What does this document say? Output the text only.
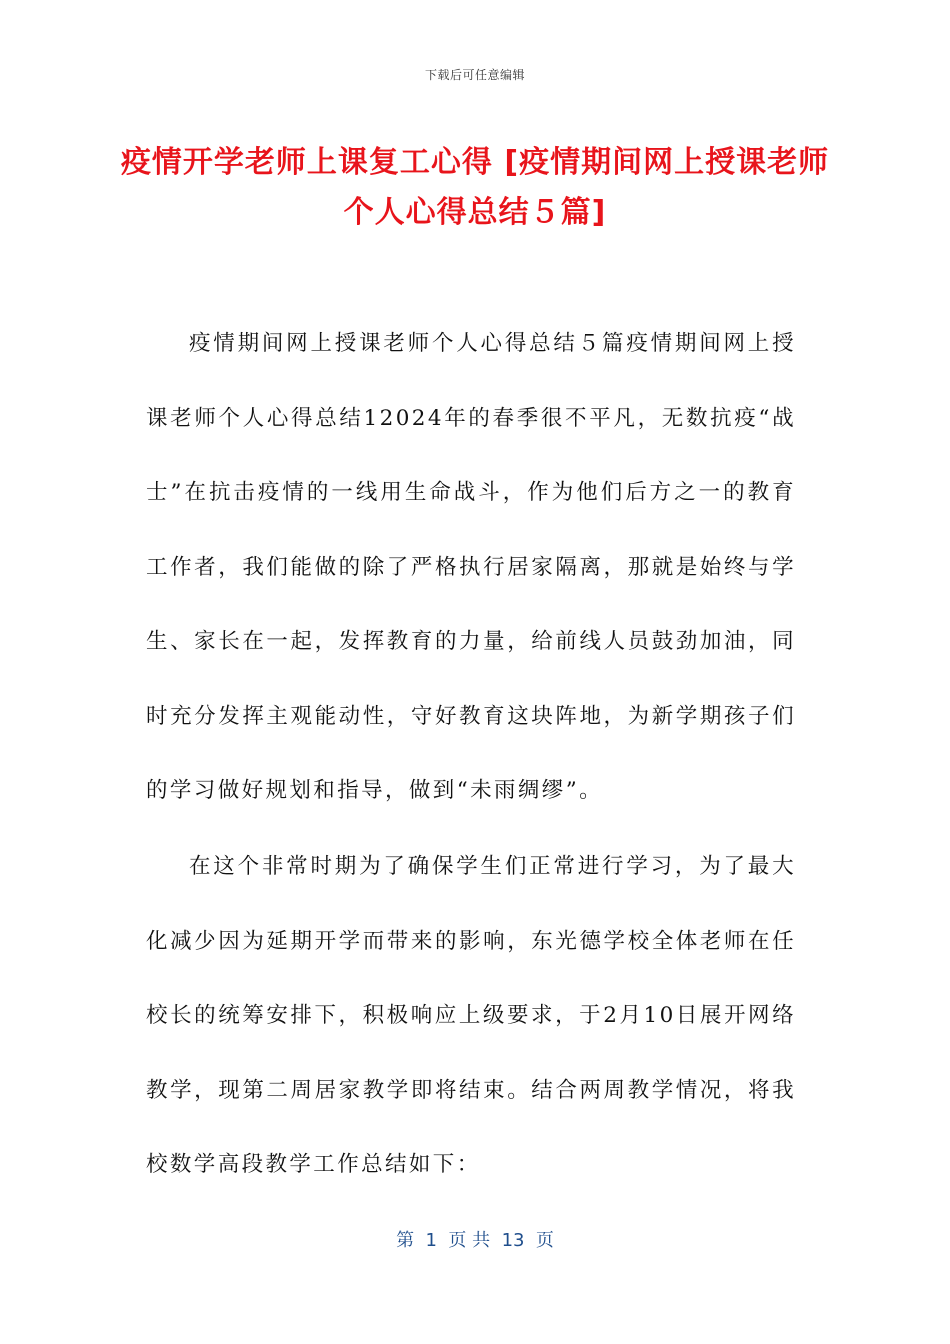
下载后可任意编辑
疫情开学老师上课复工心得 [疫情期间网上授课老师个人心得总结５篇]

疫情期间网上授课老师个人心得总结５篇疫情期间网上授课老师个人心得总结12024年的春季很不平凡，无数抗疫“战士”在抗击疫情的一线用生命战斗，作为他们后方之一的教育工作者，我们能做的除了严格执行居家隔离，那就是始终与学生、家长在一起，发挥教育的力量，给前线人员鼓劲加油，同时充分发挥主观能动性，守好教育这块阵地，为新学期孩子们的学习做好规划和指导，做到“未雨绸缪”。

在这个非常时期为了确保学生们正常进行学习，为了最大化减少因为延期开学而带来的影响，东光德学校全体老师在任校长的统筹安排下，积极响应上级要求，于2月10日展开网络教学，现第二周居家教学即将结束。结合两周教学情况，将我校数学高段教学工作总结如下：

第  1  页 共  13  页
